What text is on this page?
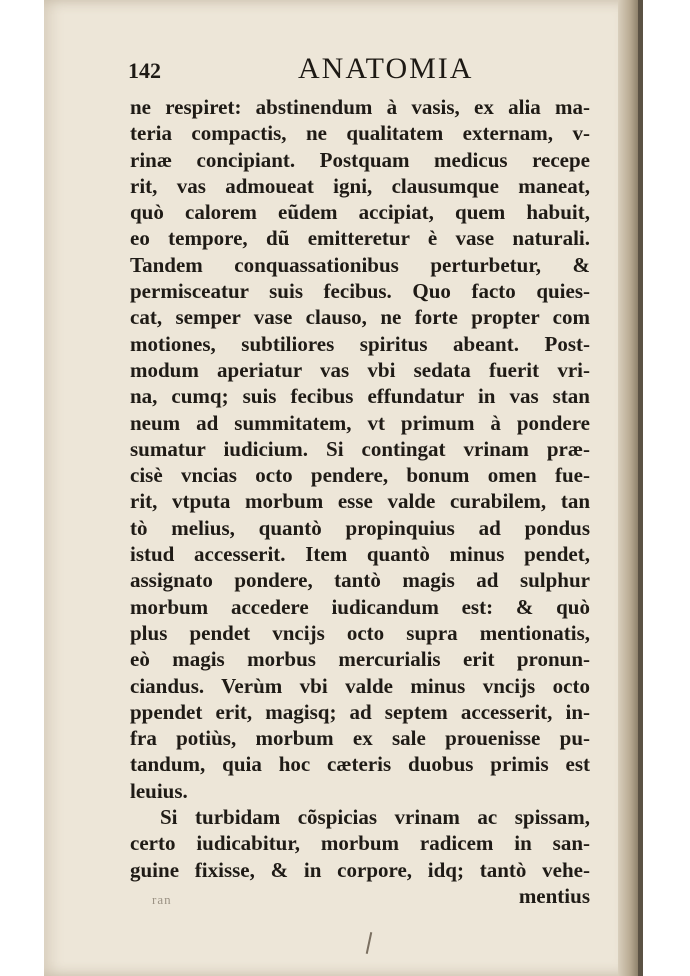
142	ANATOMIA
ne respiret: abstinendum à vasis, ex alia ma-
teria compactis, ne qualitatem externam, v-
rinæ concipiant. Postquam medicus recepe
rit, vas admoueat igni, clausumque maneat,
quò calorem eũdem accipiat, quem habuit,
eo tempore, dũ emitteretur è vase naturali.
Tandem conquassationibus perturbetur, &
permisceatur suis fecibus. Quo facto quies-
cat, semper vase clauso, ne forte propter com
motiones, subtiliores spiritus abeant. Post-
modum aperiatur vas vbi sedata fuerit vri-
na, cumq; suis fecibus effundatur in vas stan
neum ad summitatem, vt primum à pondere
sumatur iudicium. Si contingat vrinam præ-
cisè vncias octo pendere, bonum omen fue-
rit, vtputa morbum esse valde curabilem, tan
tò melius, quantò propinquius ad pondus
istud accesserit. Item quantò minus pendet,
assignato pondere, tantò magis ad sulphur
morbum accedere iudicandum est: & quò
plus pendet vncijs octo supra mentionatis,
eò magis morbus mercurialis erit pronun-
ciandus. Verùm vbi valde minus vncijs octo
ppendet erit, magisq; ad septem accesserit, in-
fra potiùs, morbum ex sale prouenisse pu-
tandum, quia hoc cæteris duobus primis est
leuius.
Si turbidam cõspicias vrinam ac spissam,
certo iudicabitur, morbum radicem in san-
guine fixisse, & in corpore, idq; tantò vehe-
ran	mentius
